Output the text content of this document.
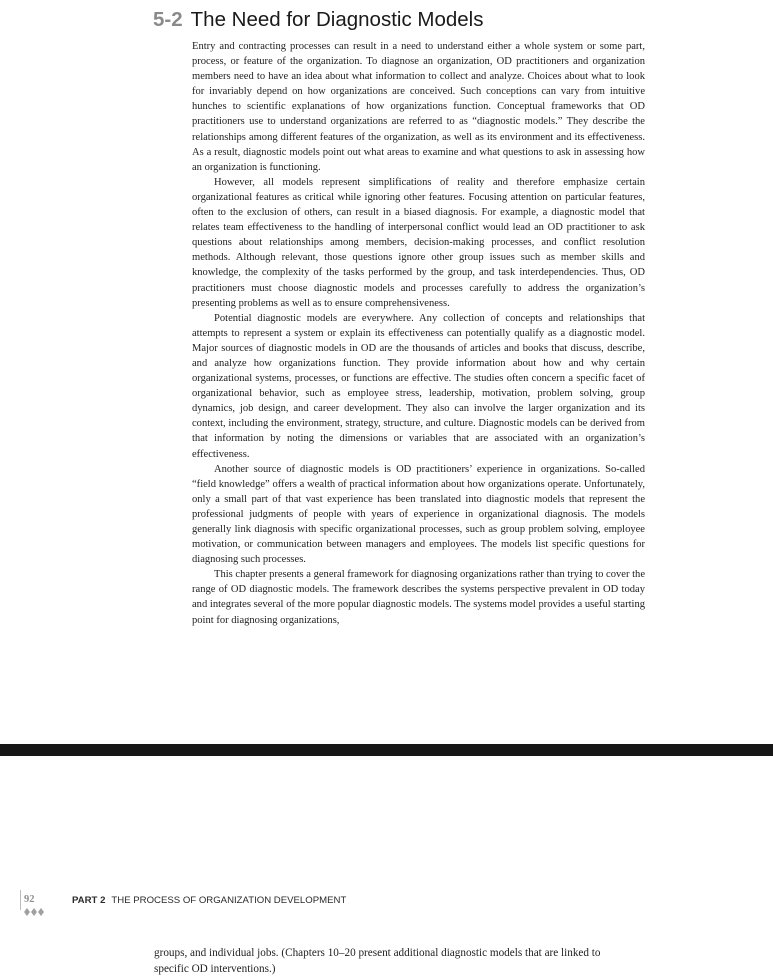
5-2 The Need for Diagnostic Models

Entry and contracting processes can result in a need to understand either a whole system or some part, process, or feature of the organization. To diagnose an organization, OD practitioners and organization members need to have an idea about what information to collect and analyze. Choices about what to look for invariably depend on how organizations are conceived. Such conceptions can vary from intuitive hunches to scientific explanations of how organizations function. Conceptual frameworks that OD practitioners use to understand organizations are referred to as “diagnostic models.” They describe the relationships among different features of the organization, as well as its environment and its effectiveness. As a result, diagnostic models point out what areas to examine and what questions to ask in assessing how an organization is functioning.

However, all models represent simplifications of reality and therefore emphasize certain organizational features as critical while ignoring other features. Focusing attention on particular features, often to the exclusion of others, can result in a biased diagnosis. For example, a diagnostic model that relates team effectiveness to the handling of interpersonal conflict would lead an OD practitioner to ask questions about relationships among members, decision-making processes, and conflict resolution methods. Although relevant, those questions ignore other group issues such as member skills and knowledge, the complexity of the tasks performed by the group, and task interdependencies. Thus, OD practitioners must choose diagnostic models and processes carefully to address the organization’s presenting problems as well as to ensure comprehensiveness.

Potential diagnostic models are everywhere. Any collection of concepts and relationships that attempts to represent a system or explain its effectiveness can potentially qualify as a diagnostic model. Major sources of diagnostic models in OD are the thousands of articles and books that discuss, describe, and analyze how organizations function. They provide information about how and why certain organizational systems, processes, or functions are effective. The studies often concern a specific facet of organizational behavior, such as employee stress, leadership, motivation, problem solving, group dynamics, job design, and career development. They also can involve the larger organization and its context, including the environment, strategy, structure, and culture. Diagnostic models can be derived from that information by noting the dimensions or variables that are associated with an organization’s effectiveness.

Another source of diagnostic models is OD practitioners’ experience in organizations. So-called “field knowledge” offers a wealth of practical information about how organizations operate. Unfortunately, only a small part of that vast experience has been translated into diagnostic models that represent the professional judgments of people with years of experience in organizational diagnosis. The models generally link diagnosis with specific organizational processes, such as group problem solving, employee motivation, or communication between managers and employees. The models list specific questions for diagnosing such processes.

This chapter presents a general framework for diagnosing organizations rather than trying to cover the range of OD diagnostic models. The framework describes the systems perspective prevalent in OD today and integrates several of the more popular diagnostic models. The systems model provides a useful starting point for diagnosing organizations,

92	PART 2 THE PROCESS OF ORGANIZATION DEVELOPMENT

groups, and individual jobs. (Chapters 10–20 present additional diagnostic models that are linked to specific OD interventions.)
